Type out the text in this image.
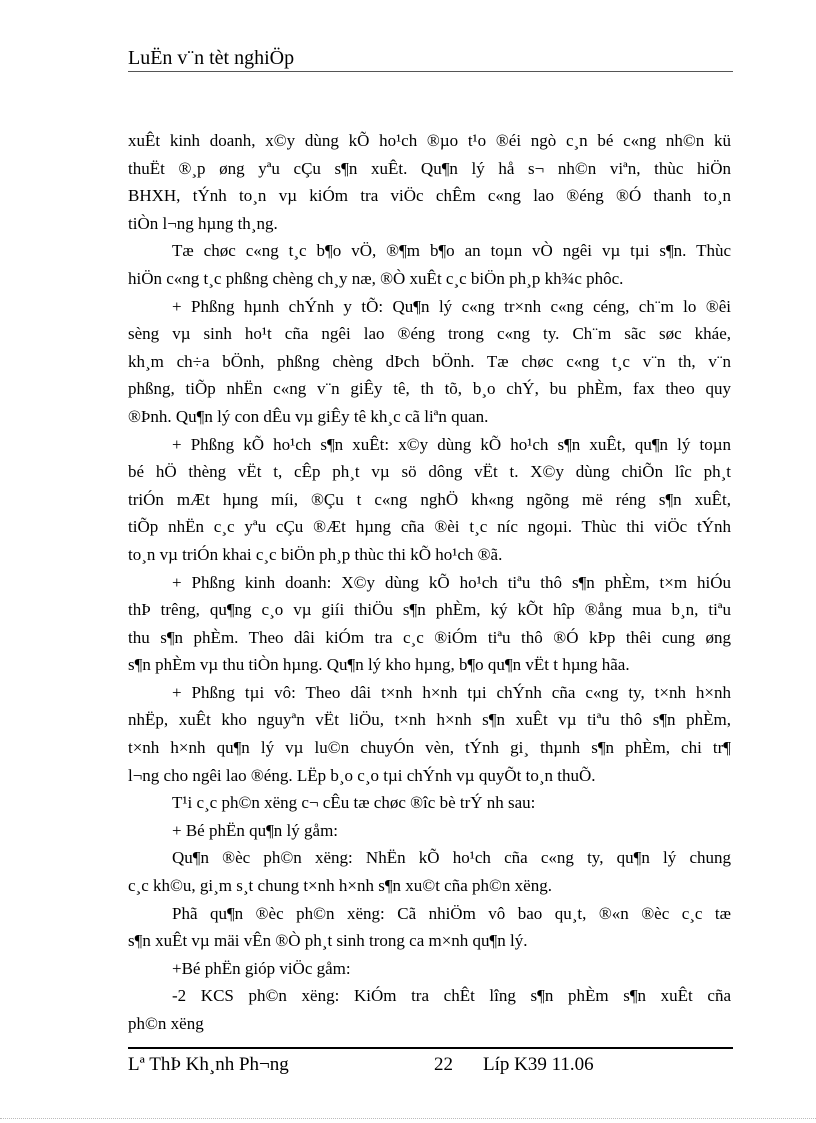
LuËn v¨n tèt nghiÖp
xuÊt kinh doanh, x©y dùng kÕ ho¹ch ®µo t¹o ®éi ngò c¸n bé c«ng nh©n kü
thuËt ®¸p øng yªu cÇu s¶n xuÊt. Qu¶n lý hå s¬ nh©n viªn, thùc hiÖn
BHXH, tÝnh to¸n vµ kiÓm tra viÖc chÊm c«ng lao ®éng ®Ó thanh to¸n
tiÒn l¬ng hµng th¸ng.
Tæ chøc c«ng t¸c b¶o vÖ, ®¶m b¶o an toµn vÒ ngêi vµ tµi s¶n. Thùc
hiÖn c«ng t¸c phßng chèng ch¸y næ, ®Ò xuÊt c¸c biÖn ph¸p kh¾c phôc.
+ Phßng hµnh chÝnh y tÕ: Qu¶n lý c«ng tr×nh c«ng céng, ch¨m lo ®êi
sèng vµ sinh ho¹t cña ngêi lao ®éng trong c«ng ty. Ch¨m sãc søc kháe,
kh¸m ch÷a bÖnh, phßng chèng dÞch bÖnh. Tæ chøc c«ng t¸c v¨n th, v¨n
phßng, tiÕp nhËn c«ng v¨n giÊy tê, th tõ, b¸o chÝ, bu phÈm, fax theo quy
®Þnh. Qu¶n lý con dÊu vµ giÊy tê kh¸c cã liªn quan.
+ Phßng kÕ ho¹ch s¶n xuÊt: x©y dùng kÕ ho¹ch s¶n xuÊt, qu¶n lý toµn
bé hÖ thèng vËt t, cÊp ph¸t vµ sö dông vËt t. X©y dùng chiÕn lîc ph¸t
triÓn mÆt hµng míi, ®Çu t c«ng nghÖ kh«ng ngõng më réng s¶n xuÊt,
tiÕp nhËn c¸c yªu cÇu ®Æt hµng cña ®èi t¸c níc ngoµi. Thùc thi viÖc tÝnh
to¸n vµ triÓn khai c¸c biÖn ph¸p thùc thi kÕ ho¹ch ®ã.
+ Phßng kinh doanh: X©y dùng kÕ ho¹ch tiªu thô s¶n phÈm, t×m hiÓu
thÞ trêng, qu¶ng c¸o vµ giíi thiÖu s¶n phÈm, ký kÕt hîp ®ång mua b¸n, tiªu
thu s¶n phÈm. Theo dâi kiÓm tra c¸c ®iÓm tiªu thô ®Ó kÞp thêi cung øng
s¶n phÈm vµ thu tiÒn hµng. Qu¶n lý kho hµng, b¶o qu¶n vËt t hµng hãa.
+ Phßng tµi vô: Theo dâi t×nh h×nh tµi chÝnh cña c«ng ty, t×nh h×nh
nhËp, xuÊt kho nguyªn vËt liÖu, t×nh h×nh s¶n xuÊt vµ tiªu thô s¶n phÈm,
t×nh h×nh qu¶n lý vµ lu©n chuyÓn vèn, tÝnh gi¸ thµnh s¶n phÈm, chi tr¶
l¬ng cho ngêi lao ®éng. LËp b¸o c¸o tµi chÝnh vµ quyÕt to¸n thuÕ.
T¹i c¸c ph©n xëng c¬ cÊu tæ chøc ®îc bè trÝ nh sau:
+ Bé phËn qu¶n lý gåm:
Qu¶n ®èc ph©n xëng: NhËn kÕ ho¹ch cña c«ng ty, qu¶n lý chung
c¸c kh©u, gi¸m s¸t chung t×nh h×nh s¶n xu©t cña ph©n xëng.
Phã qu¶n ®èc ph©n xëng: Cã nhiÖm vô bao qu¸t, ®«n ®èc c¸c tæ
s¶n xuÊt vµ mäi vÊn ®Ò ph¸t sinh trong ca m×nh qu¶n lý.
+Bé phËn gióp viÖc gåm:
-2 KCS ph©n xëng: KiÓm tra chÊt lîng s¶n phÈm s¶n xuÊt cña
ph©n xëng
Lª ThÞ Kh¸nh Ph¬ng	22 Líp K39 11.06
